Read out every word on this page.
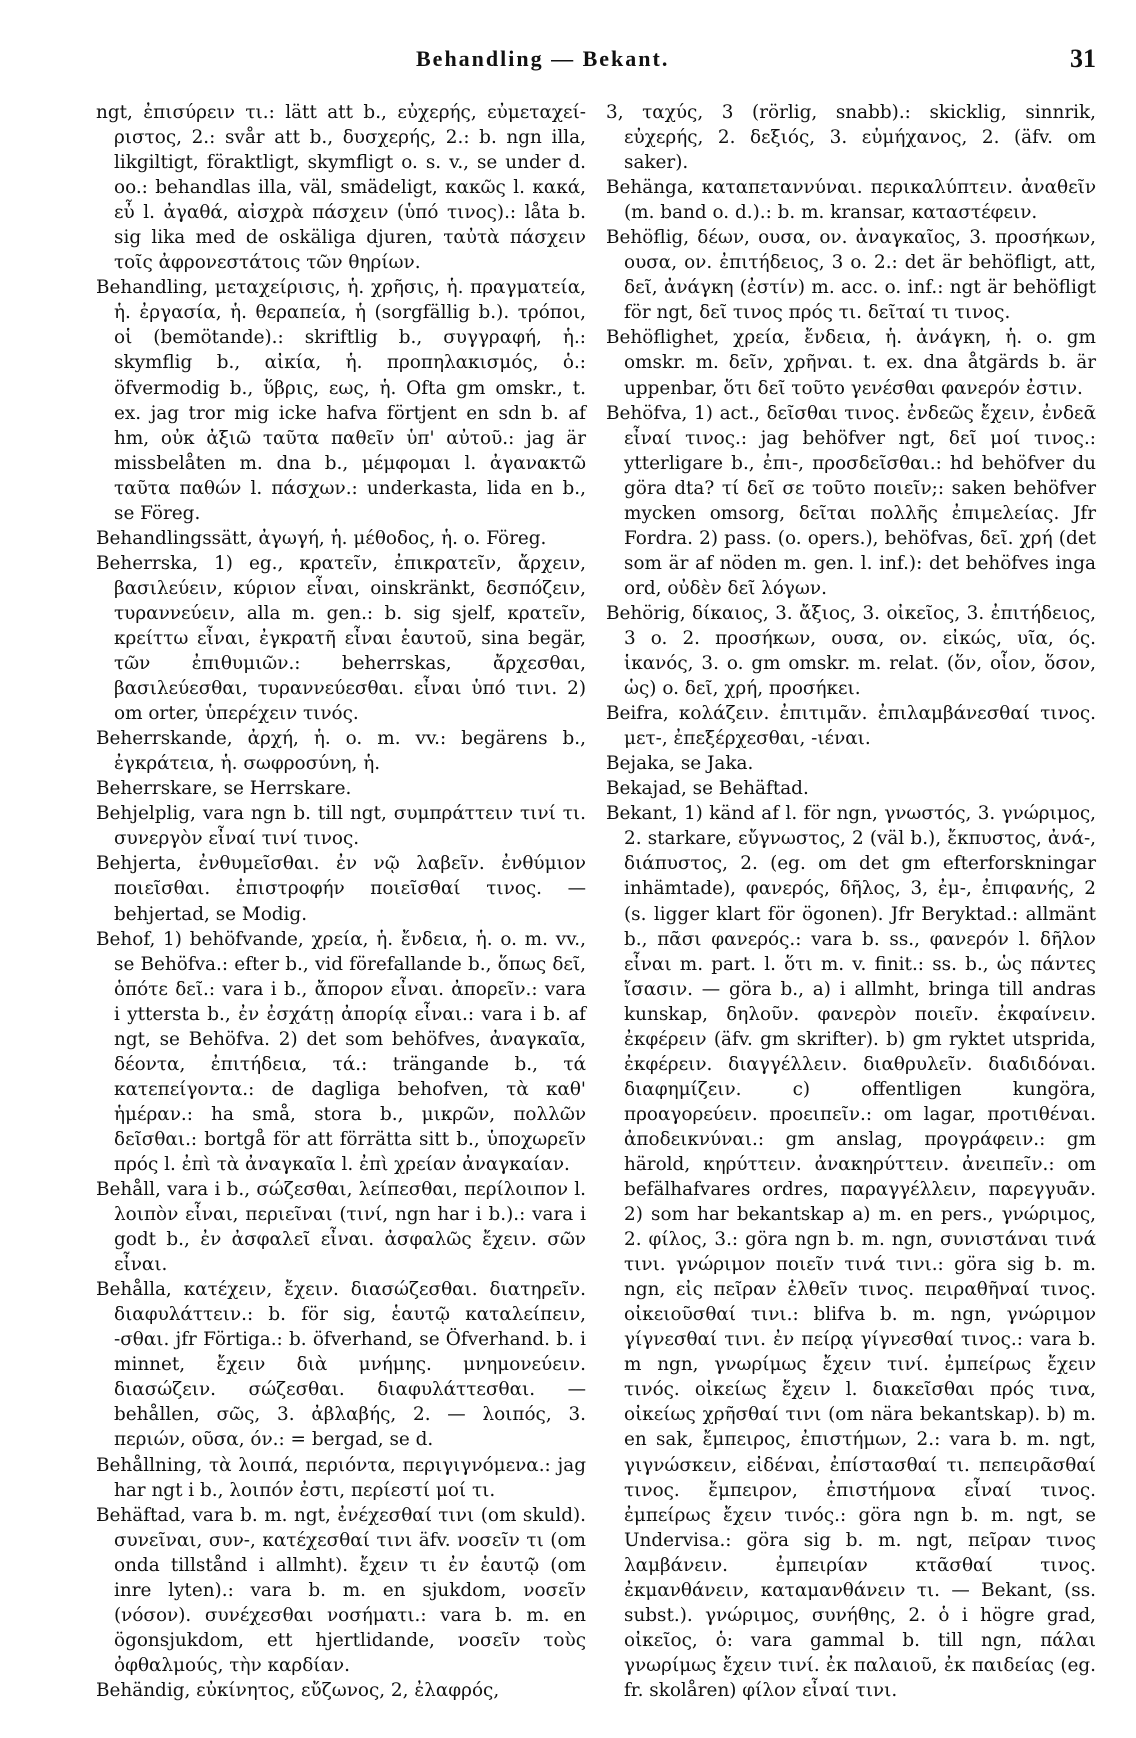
Behandling — Bekant.	31

ngt, ἐπισύρειν τι.: lätt att b., εὐχερής, εὐμεταχεί-ριστος, 2.: svår att b., δυσχερής, 2.: b. ngn illa, likgiltigt, föraktligt, skymfligt o. s. v., se under d. oo.: behandlas illa, väl, smädeligt, κακῶς l. κακά, εὖ l. ἀγαθά, αἰσχρὰ πάσχειν (ὑπό τινος).: låta b. sig lika med de oskäliga djuren, ταὐτὰ πάσχειν τοῖς ἀφρονεστάτοις τῶν θηρίων.

Behandling, μεταχείρισις, ἡ. χρῆσις, ἡ. πραγματεία, ἡ. ἐργασία, ἡ. θεραπεία, ἡ (sorgfällig b.). τρόποι, οἱ (bemötande).: skriftlig b., συγγραφή, ἡ.: skymflig b., αἰκία, ἡ. προπηλακισμός, ὁ.: öfvermodig b., ὕβρις, εως, ἡ. Ofta gm omskr., t. ex. jag tror mig icke hafva förtjent en sdn b. af hm, οὐκ ἀξιῶ ταῦτα παθεῖν ὑπ' αὐτοῦ.: jag är missbelåten m. dna b., μέμφομαι l. ἀγανακτῶ ταῦτα παθών l. πάσχων.: underkasta, lida en b., se Föreg.

Behandlingssätt, ἀγωγή, ἡ. μέθοδος, ἡ. o. Föreg.

Beherrska, 1) eg., κρατεῖν, ἐπικρατεῖν, ἄρχειν, βασιλεύειν, κύριον εἶναι, oinskränkt, δεσπόζειν, τυραννεύειν, alla m. gen.: b. sig sjelf, κρατεῖν, κρείττω εἶναι, ἐγκρατῆ εἶναι ἑαυτοῦ, sina begär, τῶν ἐπιθυμιῶν.: beherrskas, ἄρχεσθαι, βασιλεύεσθαι, τυραννεύεσθαι. εἶναι ὑπό τινι. 2) om orter, ὑπερέχειν τινός.

Beherrskande, ἀρχή, ἡ. o. m. vv.: begärens b., ἐγκράτεια, ἡ. σωφροσύνη, ἡ.

Beherrskare, se Herrskare.

Behjelplig, vara ngn b. till ngt, συμπράττειν τινί τι. συνεργὸν εἶναί τινί τινος.

Behjerta, ἐνθυμεῖσθαι. ἐν νῷ λαβεῖν. ἐνθύμιον ποιεῖσθαι. ἐπιστροφήν ποιεῖσθαί τινος. — behjertad, se Modig.

Behof, 1) behöfvande, χρεία, ἡ. ἔνδεια, ἡ. o. m. vv., se Behöfva.: efter b., vid förefallande b., ὅπως δεῖ, ὁπότε δεῖ.: vara i b., ἄπορον εἶναι. ἀπορεῖν.: vara i yttersta b., ἐν ἐσχάτῃ ἀπορίᾳ εἶναι.: vara i b. af ngt, se Behöfva. 2) det som behöfves, ἀναγκαῖα, δέοντα, ἐπιτήδεια, τά.: trängande b., τά κατεπείγοντα.: de dagliga behofven, τὰ καθ' ἡμέραν.: ha små, stora b., μικρῶν, πολλῶν δεῖσθαι.: bortgå för att förrätta sitt b., ὑποχωρεῖν πρός l. ἐπὶ τὰ ἀναγκαῖα l. ἐπὶ χρείαν ἀναγκαίαν.

Behåll, vara i b., σώζεσθαι, λείπεσθαι, περίλοιπον l. λοιπὸν εἶναι, περιεῖναι (τινί, ngn har i b.).: vara i godt b., ἐν ἀσφαλεῖ εἶναι. ἀσφαλῶς ἔχειν. σῶν εἶναι.

Behålla, κατέχειν, ἔχειν. διασώζεσθαι. διατηρεῖν. διαφυλάττειν.: b. för sig, ἑαυτῷ καταλείπειν, -σθαι. jfr Förtiga.: b. öfverhand, se Öfverhand. b. i minnet, ἔχειν διὰ μνήμης. μνημονεύειν. διασώζειν. σώζεσθαι. διαφυλάττεσθαι. — behållen, σῶς, 3. ἀβλαβής, 2. — λοιπός, 3. περιών, οῦσα, όν.: = bergad, se d.

Behållning, τὰ λοιπά, περιόντα, περιγιγνόμενα.: jag har ngt i b., λοιπόν ἐστι, περίεστί μοί τι.

Behäftad, vara b. m. ngt, ἐνέχεσθαί τινι (om skuld). συνεῖναι, συν-, κατέχεσθαί τινι äfv. νοσεῖν τι (om onda tillstånd i allmht). ἔχειν τι ἐν ἑαυτῷ (om inre lyten).: vara b. m. en sjukdom, νοσεῖν (νόσον). συνέχεσθαι νοσήματι.: vara b. m. en ögonsjukdom, ett hjertlidande, νοσεῖν τοὺς ὀφθαλμούς, τὴν καρδίαν.

Behändig, εὐκίνητος, εὔζωνος, 2, ἐλαφρός,

3, ταχύς, 3 (rörlig, snabb).: skicklig, sinnrik, εὐχερής, 2. δεξιός, 3. εὐμήχανος, 2. (äfv. om saker).

Behänga, καταπεταννύναι. περικαλύπτειν. ἀναθεῖν (m. band o. d.).: b. m. kransar, καταστέφειν.

Behöflig, δέων, ουσα, ον. ἀναγκαῖος, 3. προσήκων, ουσα, ον. ἐπιτήδειος, 3 o. 2.: det är behöfligt, att, δεῖ, ἀνάγκη (ἐστίν) m. acc. o. inf.: ngt är behöfligt för ngt, δεῖ τινος πρός τι. δεῖταί τι τινος.

Behöflighet, χρεία, ἔνδεια, ἡ. ἀνάγκη, ἡ. o. gm omskr. m. δεῖν, χρῆναι. t. ex. dna åtgärds b. är uppenbar, ὅτι δεῖ τοῦτο γενέσθαι φανερόν ἐστιν.

Behöfva, 1) act., δεῖσθαι τινος. ἐνδεῶς ἔχειν, ἐνδεᾶ εἶναί τινος.: jag behöfver ngt, δεῖ μοί τινος.: ytterligare b., ἐπι-, προσδεῖσθαι.: hd behöfver du göra dta? τί δεῖ σε τοῦτο ποιεῖν;: saken behöfver mycken omsorg, δεῖται πολλῆς ἐπιμελείας. Jfr Fordra. 2) pass. (o. opers.), behöfvas, δεῖ. χρή (det som är af nöden m. gen. l. inf.): det behöfves inga ord, οὐδὲν δεῖ λόγων.

Behörig, δίκαιος, 3. ἄξιος, 3. οἰκεῖος, 3. ἐπιτήδειος, 3 o. 2. προσήκων, ουσα, ον. εἰκώς, υῖα, ός. ἱκανός, 3. o. gm omskr. m. relat. (ὅν, οἷον, ὅσον, ὡς) o. δεῖ, χρή, προσήκει.

Beifra, κολάζειν. ἐπιτιμᾶν. ἐπιλαμβάνεσθαί τινος. μετ-, ἐπεξέρχεσθαι, -ιέναι.

Bejaka, se Jaka.

Bekajad, se Behäftad.

Bekant, 1) känd af l. för ngn, γνωστός, 3. γνώριμος, 2. starkare, εὔγνωστος, 2 (väl b.), ἔκπυστος, ἀνά-, διάπυστος, 2. (eg. om det gm efterforskningar inhämtade), φανερός, δῆλος, 3, ἐμ-, ἐπιφανής, 2 (s. ligger klart för ögonen). Jfr Beryktad.: allmänt b., πᾶσι φανερός.: vara b. ss., φανερόν l. δῆλον εἶναι m. part. l. ὅτι m. v. finit.: ss. b., ὡς πάντες ἴσασιν. — göra b., a) i allmht, bringa till andras kunskap, δηλοῦν. φανερὸν ποιεῖν. ἐκφαίνειν. ἐκφέρειν (äfv. gm skrifter). b) gm ryktet utsprida, ἐκφέρειν. διαγγέλλειν. διαθρυλεῖν. διαδιδόναι. διαφημίζειν. c) offentligen kungöra, προαγορεύειν. προειπεῖν.: om lagar, προτιθέναι. ἀποδεικνύναι.: gm anslag, προγράφειν.: gm härold, κηρύττειν. ἀνακηρύττειν. ἀνειπεῖν.: om befälhafvares ordres, παραγγέλλειν, παρεγγυᾶν. 2) som har bekantskap a) m. en pers., γνώριμος, 2. φίλος, 3.: göra ngn b. m. ngn, συνιστάναι τινά τινι. γνώριμον ποιεῖν τινά τινι.: göra sig b. m. ngn, εἰς πεῖραν ἐλθεῖν τινος. πειραθῆναί τινος. οἰκειοῦσθαί τινι.: blifva b. m. ngn, γνώριμον γίγνεσθαί τινι. ἐν πείρᾳ γίγνεσθαί τινος.: vara b. m ngn, γνωρίμως ἔχειν τινί. ἐμπείρως ἔχειν τινός. οἰκείως ἔχειν l. διακεῖσθαι πρός τινα, οἰκείως χρῆσθαί τινι (om nära bekantskap). b) m. en sak, ἔμπειρος, ἐπιστήμων, 2.: vara b. m. ngt, γιγνώσκειν, εἰδέναι, ἐπίστασθαί τι. πεπειρᾶσθαί τινος. ἔμπειρον, ἐπιστήμονα εἶναί τινος. ἐμπείρως ἔχειν τινός.: göra ngn b. m. ngt, se Undervisa.: göra sig b. m. ngt, πεῖραν τινος λαμβάνειν. ἐμπειρίαν κτᾶσθαί τινος. ἐκμανθάνειν, καταμανθάνειν τι. — Bekant, (ss. subst.). γνώριμος, συνήθης, 2. ὁ i högre grad, οἰκεῖος, ὁ: vara gammal b. till ngn, πάλαι γνωρίμως ἔχειν τινί. ἐκ παλαιοῦ, ἐκ παιδείας (eg. fr. skolåren) φίλον εἶναί τινι.
